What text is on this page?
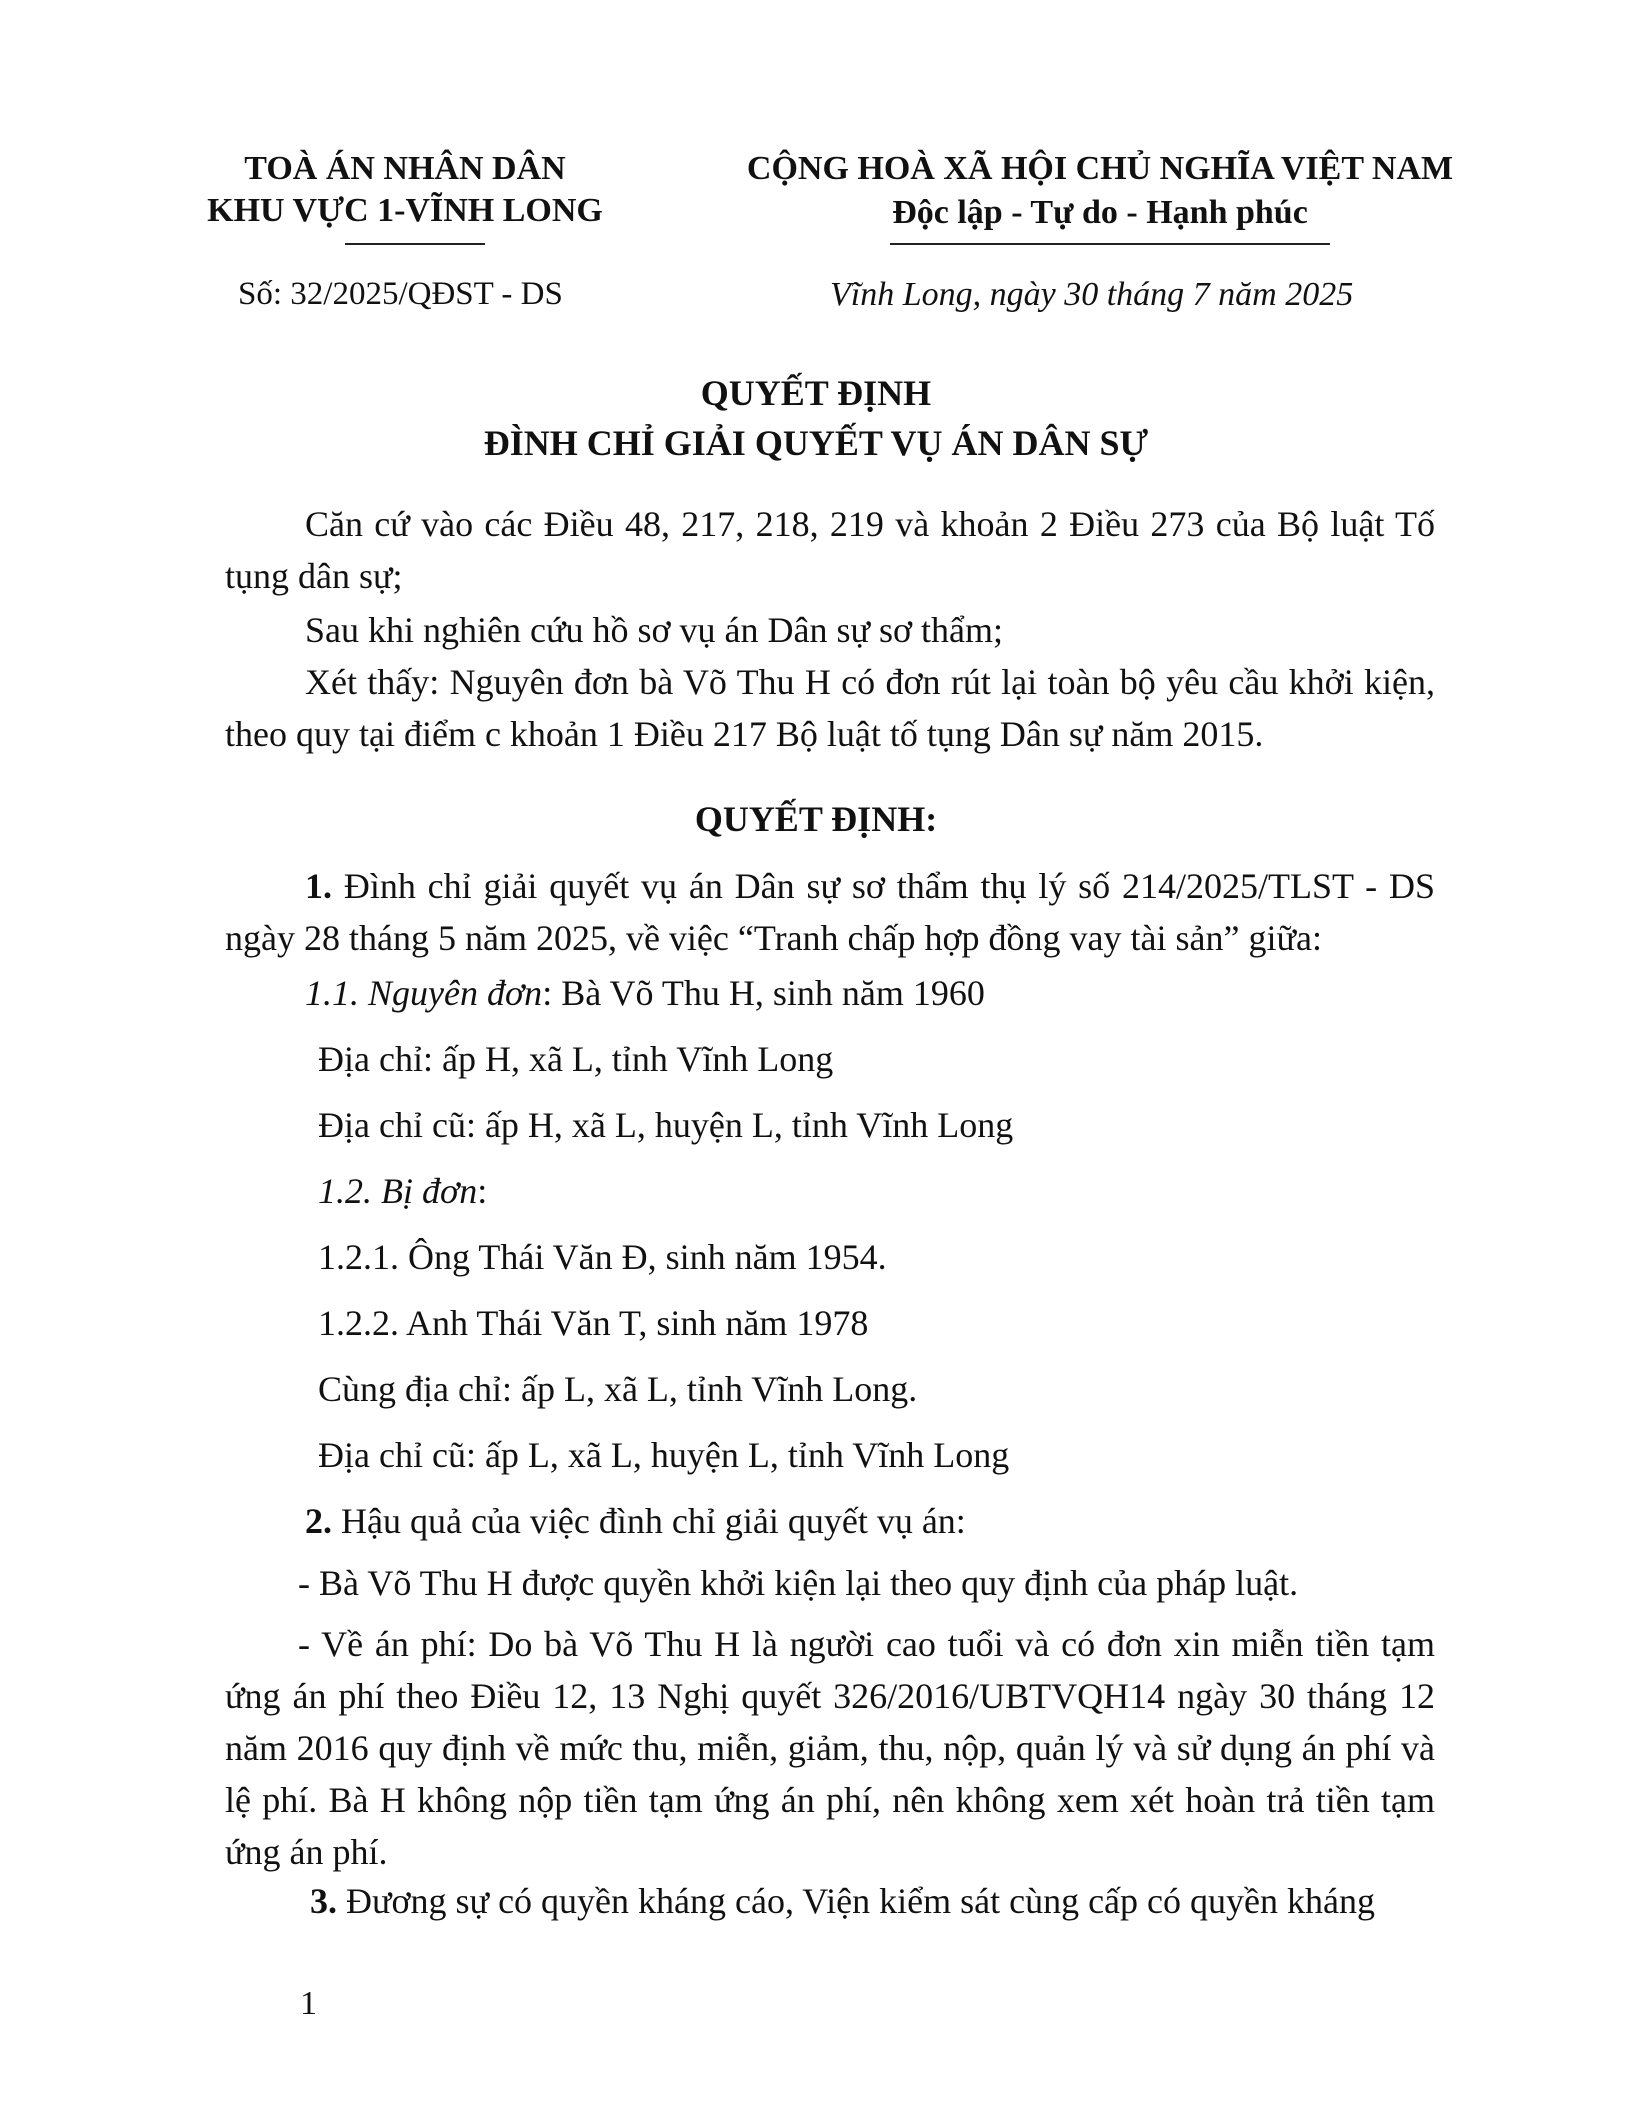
TOÀ ÁN NHÂN DÂN
KHU VỰC 1-VĨNH LONG
CỘNG HOÀ XÃ HỘI CHỦ NGHĨA VIỆT NAM
Độc lập - Tự do - Hạnh phúc
Số: 32/2025/QĐST - DS	Vĩnh Long, ngày 30 tháng 7 năm 2025
QUYẾT ĐỊNH
ĐÌNH CHỈ GIẢI QUYẾT VỤ ÁN DÂN SỰ
Căn cứ vào các Điều 48, 217, 218, 219 và khoản 2 Điều 273 của Bộ luật Tố tụng dân sự;
Sau khi nghiên cứu hồ sơ vụ án Dân sự sơ thẩm;
Xét thấy: Nguyên đơn bà Võ Thu H có đơn rút lại toàn bộ yêu cầu khởi kiện, theo quy tại điểm c khoản 1 Điều 217 Bộ luật tố tụng Dân sự năm 2015.
QUYẾT ĐỊNH:
1. Đình chỉ giải quyết vụ án Dân sự sơ thẩm thụ lý số 214/2025/TLST - DS ngày 28 tháng 5 năm 2025, về việc “Tranh chấp hợp đồng vay tài sản” giữa:
1.1. Nguyên đơn: Bà Võ Thu H, sinh năm 1960
Địa chỉ: ấp H, xã L, tỉnh Vĩnh Long
Địa chỉ cũ: ấp H, xã L, huyện L, tỉnh Vĩnh Long
1.2. Bị đơn:
1.2.1. Ông Thái Văn Đ, sinh năm 1954.
1.2.2. Anh Thái Văn T, sinh năm 1978
Cùng địa chỉ: ấp L, xã L, tỉnh Vĩnh Long.
Địa chỉ cũ: ấp L, xã L, huyện L, tỉnh Vĩnh Long
2. Hậu quả của việc đình chỉ giải quyết vụ án:
- Bà Võ Thu H được quyền khởi kiện lại theo quy định của pháp luật.
- Về án phí: Do bà Võ Thu H là người cao tuổi và có đơn xin miễn tiền tạm ứng án phí theo Điều 12, 13 Nghị quyết 326/2016/UBTVQH14 ngày 30 tháng 12 năm 2016 quy định về mức thu, miễn, giảm, thu, nộp, quản lý và sử dụng án phí và lệ phí. Bà H không nộp tiền tạm ứng án phí, nên không xem xét hoàn trả tiền tạm ứng án phí.
3. Đương sự có quyền kháng cáo, Viện kiểm sát cùng cấp có quyền kháng
1
